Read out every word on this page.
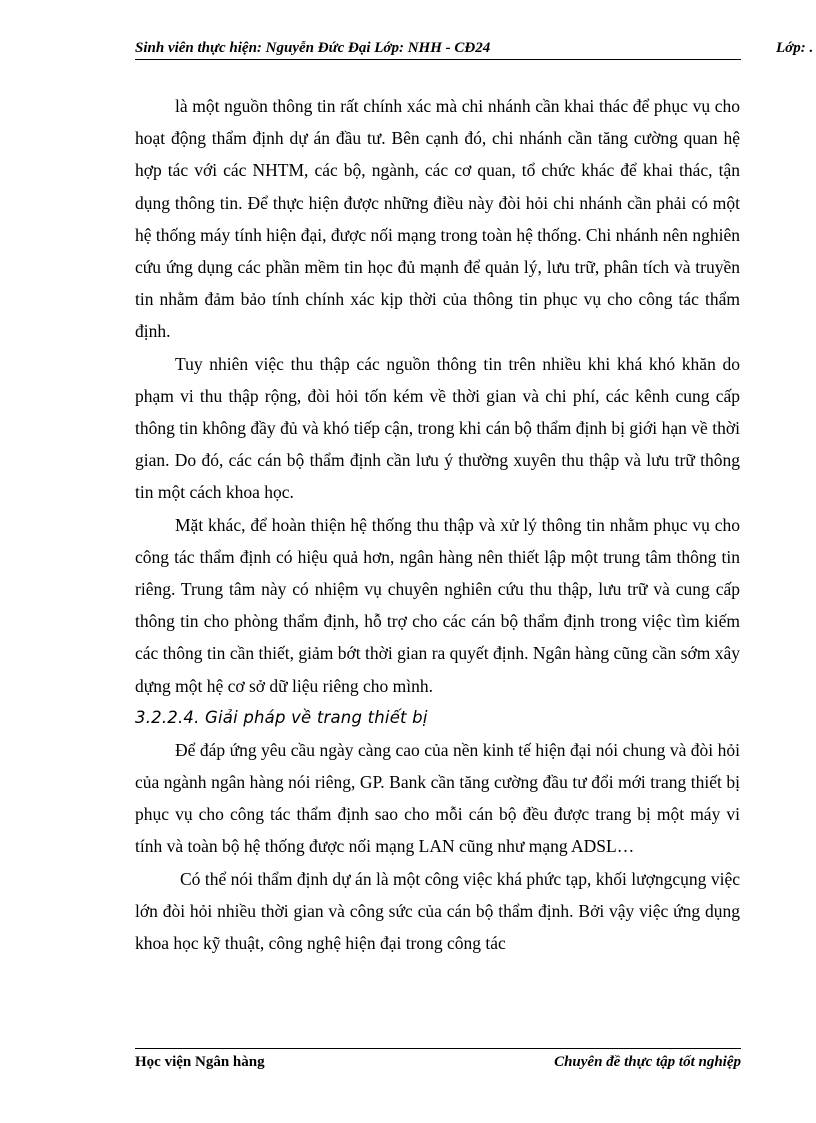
Sinh viên thực hiện: Nguyễn Đức Đại Lớp: NHH - CĐ24	Lớp: .

là một nguồn thông tin rất chính xác mà chi nhánh cần khai thác để phục vụ cho hoạt động thẩm định dự án đầu tư. Bên cạnh đó, chi nhánh cần tăng cường quan hệ hợp tác với các NHTM, các bộ, ngành, các cơ quan, tổ chức khác để khai thác, tận dụng thông tin. Để thực hiện được những điều này đòi hỏi chi nhánh cần phải có một hệ thống máy tính hiện đại, được nối mạng trong toàn hệ thống. Chi nhánh nên nghiên cứu ứng dụng các phần mềm tin học đủ mạnh để quản lý, lưu trữ, phân tích và truyền tin nhằm đảm bảo tính chính xác kịp thời của thông tin phục vụ cho công tác thẩm định.

Tuy nhiên việc thu thập các nguồn thông tin trên nhiều khi khá khó khăn do phạm vi thu thập rộng, đòi hỏi tốn kém về thời gian và chi phí, các kênh cung cấp thông tin không đầy đủ và khó tiếp cận, trong khi cán bộ thẩm định bị giới hạn về thời gian. Do đó, các cán bộ thẩm định cần lưu ý thường xuyên thu thập và lưu trữ thông tin một cách khoa học.

Mặt khác, để hoàn thiện hệ thống thu thập và xử lý thông tin nhằm phục vụ cho công tác thẩm định có hiệu quả hơn, ngân hàng nên thiết lập một trung tâm thông tin riêng. Trung tâm này có nhiệm vụ chuyên nghiên cứu thu thập, lưu trữ và cung cấp thông tin cho phòng thẩm định, hỗ trợ cho các cán bộ thẩm định trong việc tìm kiếm các thông tin cần thiết, giảm bớt thời gian ra quyết định. Ngân hàng cũng cần sớm xây dựng một hệ cơ sở dữ liệu riêng cho mình.

3.2.2.4. Giải pháp về trang thiết bị

Để đáp ứng yêu cầu ngày càng cao của nền kinh tế hiện đại nói chung và đòi hỏi của ngành ngân hàng nói riêng, GP. Bank cần tăng cường đầu tư đổi mới trang thiết bị phục vụ cho công tác thẩm định sao cho mỗi cán bộ đều được trang bị một máy vi tính và toàn bộ hệ thống được nối mạng LAN cũng như mạng ADSL…

Có thể nói thẩm định dự án là một công việc khá phức tạp, khối lượngcụng việc lớn đòi hỏi nhiều thời gian và công sức của cán bộ thẩm định. Bởi vậy việc ứng dụng khoa học kỹ thuật, công nghệ hiện đại trong công tác

Học viện Ngân hàng	Chuyên đề thực tập tốt nghiệp
